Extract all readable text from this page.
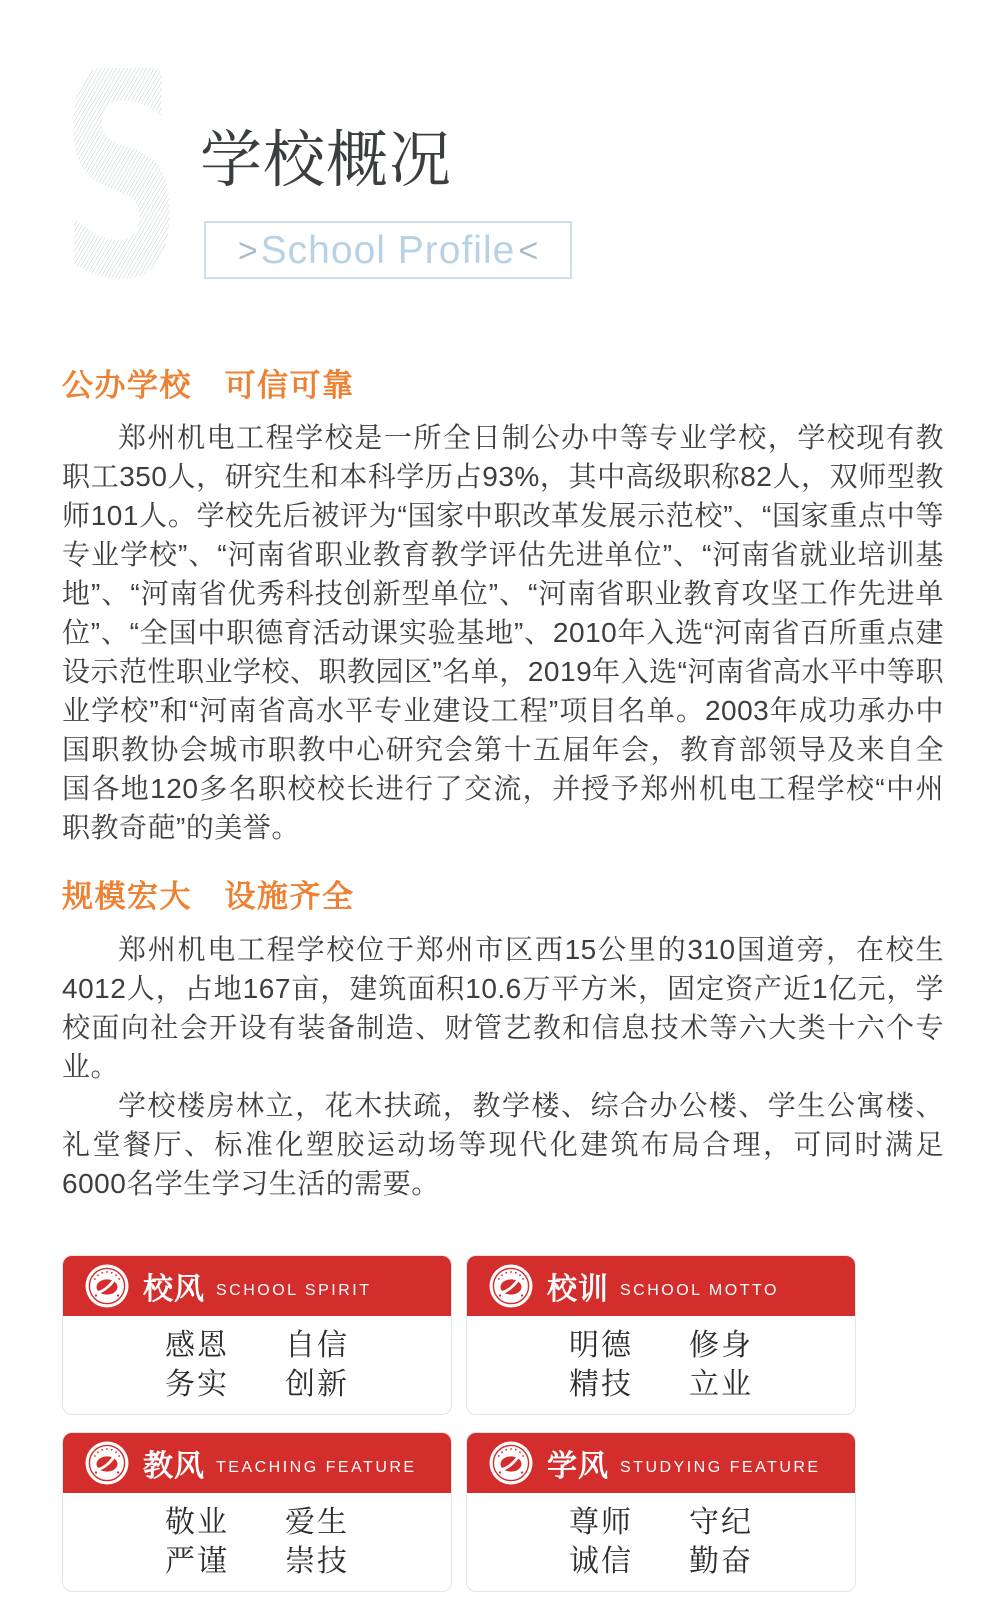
S 学校概况
> School Profile <
公办学校　可信可靠

郑州机电工程学校是一所全日制公办中等专业学校，学校现有教职工350人，研究生和本科学历占93%，其中高级职称82人，双师型教师101人。学校先后被评为“国家中职改革发展示范校”、“国家重点中等专业学校”、“河南省职业教育教学评估先进单位”、“河南省就业培训基地”、“河南省优秀科技创新型单位”、“河南省职业教育攻坚工作先进单位”、“全国中职德育活动课实验基地”、2010年入选“河南省百所重点建设示范性职业学校、职教园区”名单，2019年入选“河南省高水平中等职业学校”和“河南省高水平专业建设工程”项目名单。2003年成功承办中国职教协会城市职教中心研究会第十五届年会，教育部领导及来自全国各地120多名职校校长进行了交流，并授予郑州机电工程学校“中州职教奇葩”的美誉。

规模宏大　设施齐全

郑州机电工程学校位于郑州市区西15公里的310国道旁，在校生4012人，占地167亩，建筑面积10.6万平方米，固定资产近1亿元，学校面向社会开设有装备制造、财管艺教和信息技术等六大类十六个专业。

学校楼房林立，花木扶疏，教学楼、综合办公楼、学生公寓楼、礼堂餐厅、标准化塑胶运动场等现代化建筑布局合理，可同时满足6000名学生学习生活的需要。

校风 SCHOOL SPIRIT
感恩 自信
务实 创新
校训 SCHOOL MOTTO
明德 修身
精技 立业
教风 TEACHING FEATURE
敬业 爱生
严谨 崇技
学风 STUDYING FEATURE
尊师 守纪
诚信 勤奋
